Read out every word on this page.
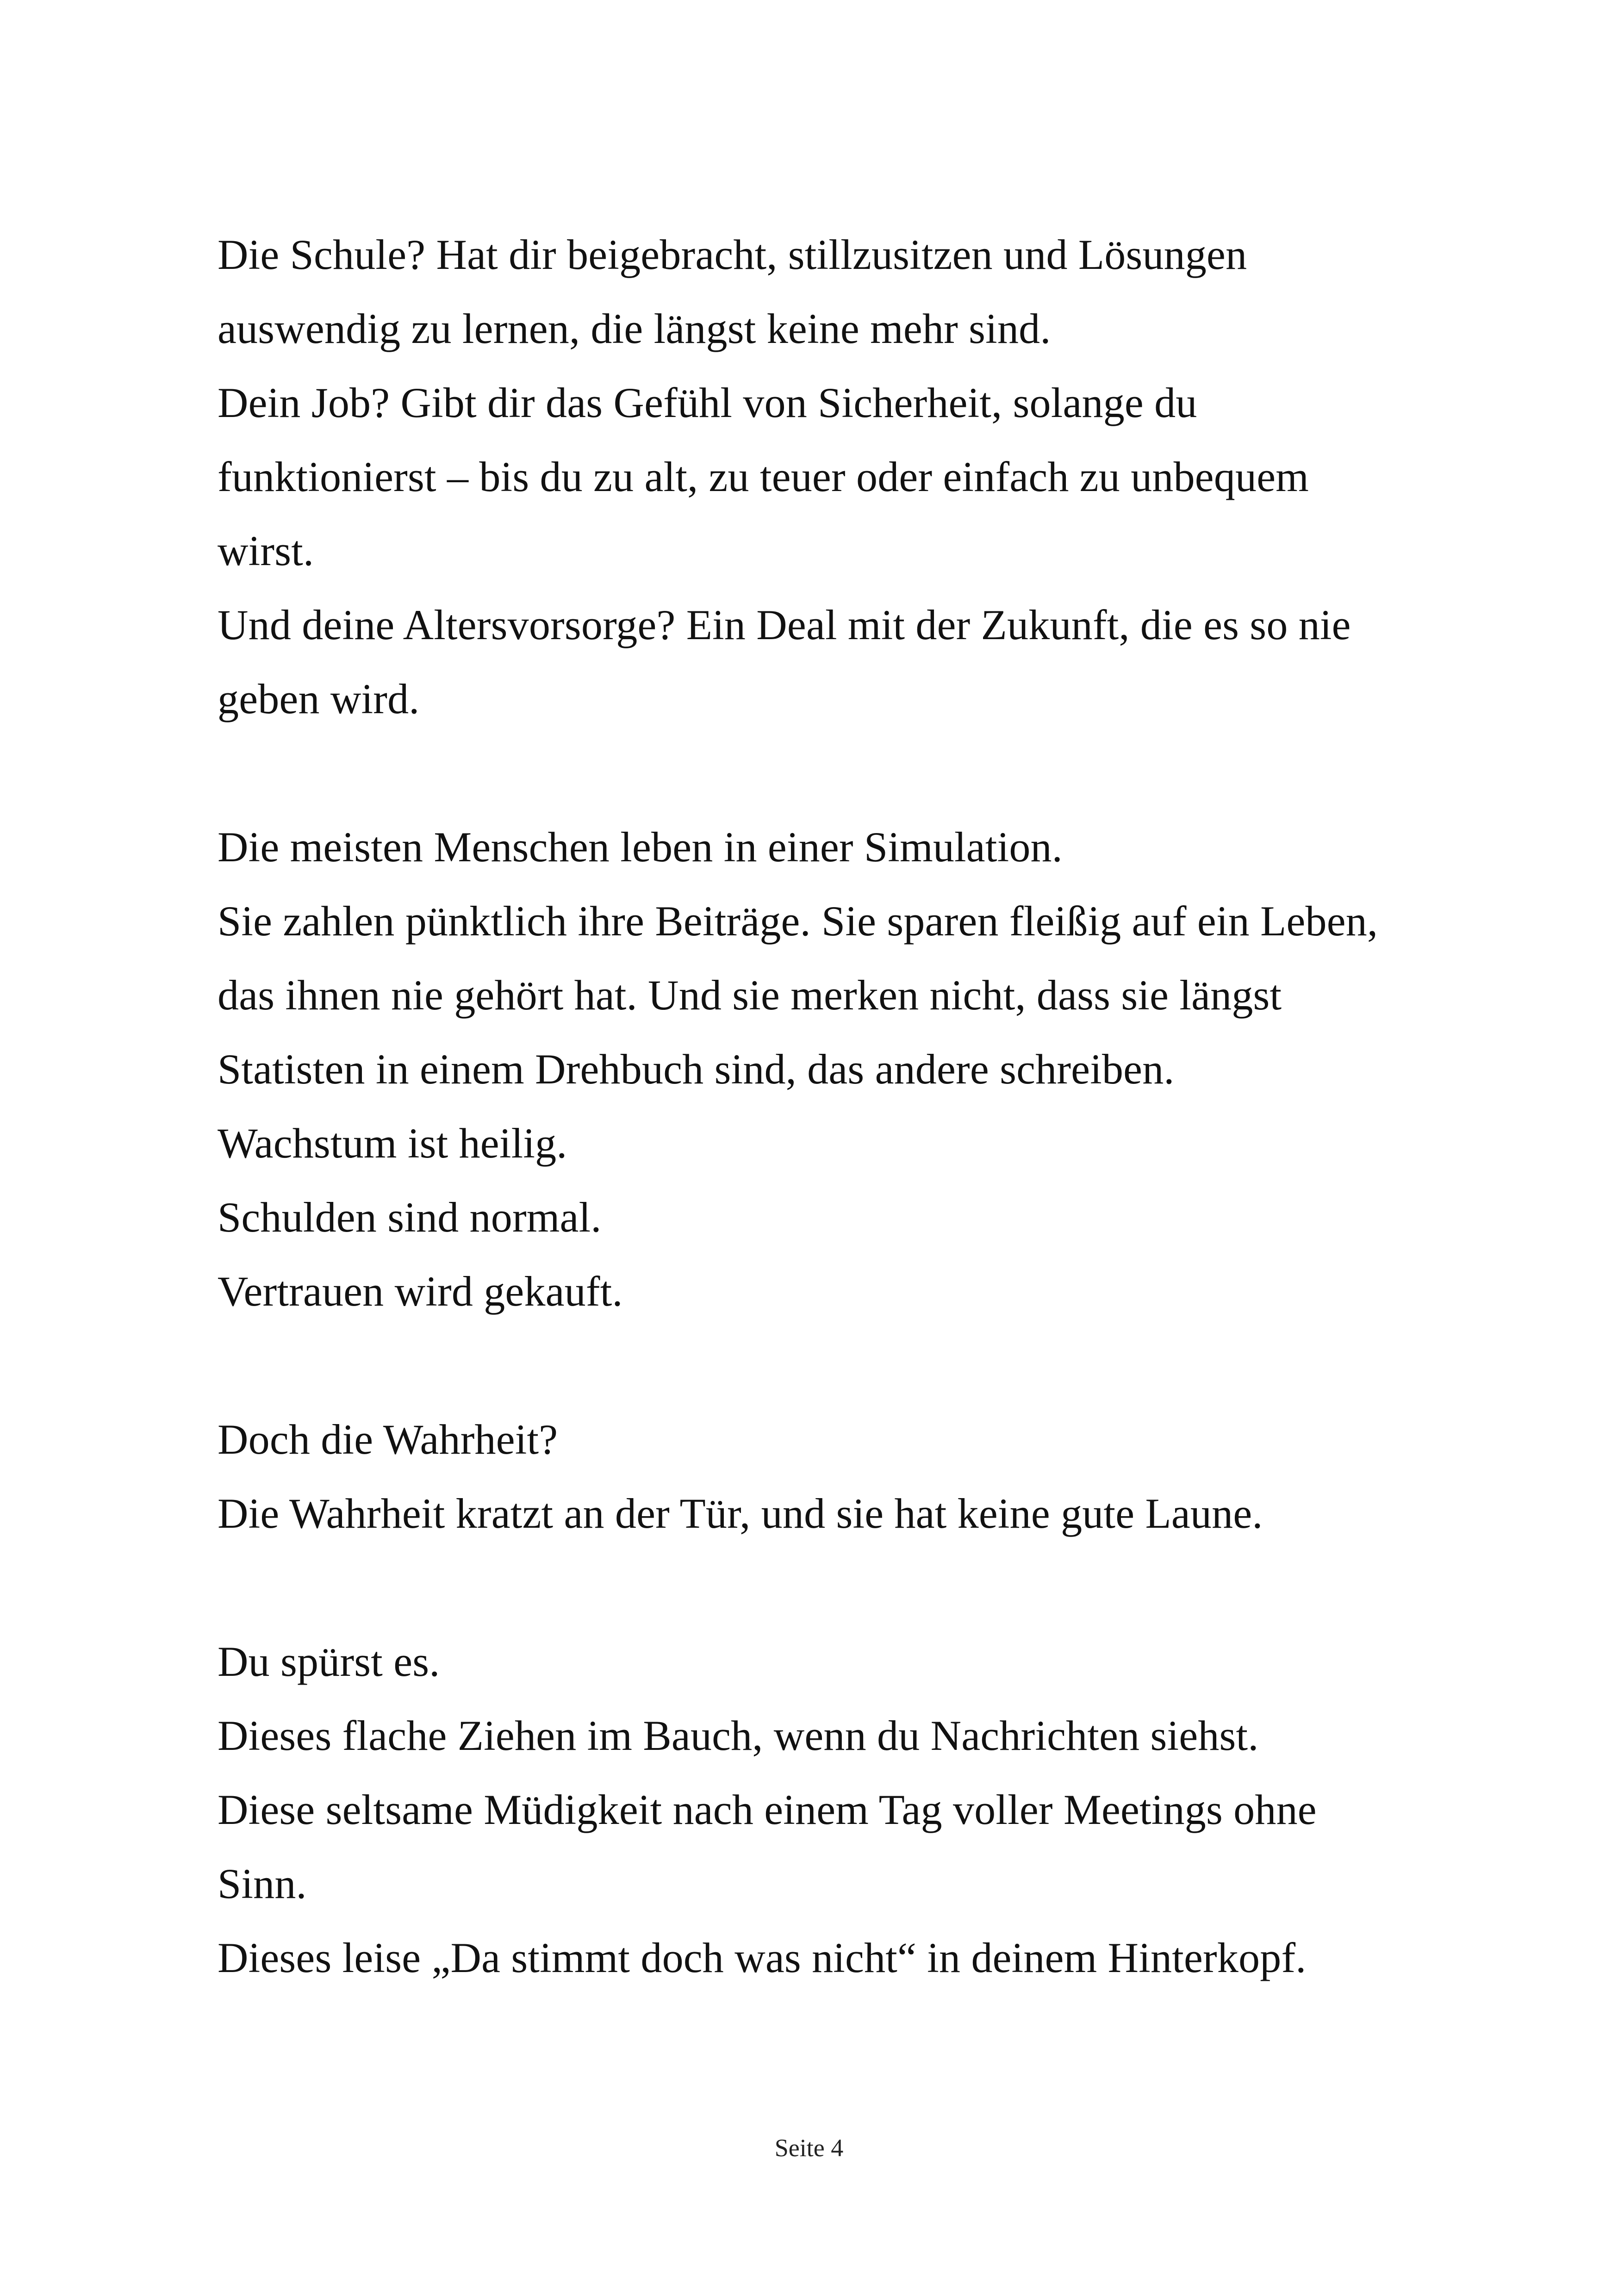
Die Schule? Hat dir beigebracht, stillzusitzen und Lösungen
auswendig zu lernen, die längst keine mehr sind.
Dein Job? Gibt dir das Gefühl von Sicherheit, solange du
funktionierst – bis du zu alt, zu teuer oder einfach zu unbequem
wirst.
Und deine Altersvorsorge? Ein Deal mit der Zukunft, die es so nie
geben wird.
Die meisten Menschen leben in einer Simulation.
Sie zahlen pünktlich ihre Beiträge. Sie sparen fleißig auf ein Leben,
das ihnen nie gehört hat. Und sie merken nicht, dass sie längst
Statisten in einem Drehbuch sind, das andere schreiben.
Wachstum ist heilig.
Schulden sind normal.
Vertrauen wird gekauft.
Doch die Wahrheit?
Die Wahrheit kratzt an der Tür, und sie hat keine gute Laune.
Du spürst es.
Dieses flache Ziehen im Bauch, wenn du Nachrichten siehst.
Diese seltsame Müdigkeit nach einem Tag voller Meetings ohne
Sinn.
Dieses leise „Da stimmt doch was nicht“ in deinem Hinterkopf.
Seite 4
